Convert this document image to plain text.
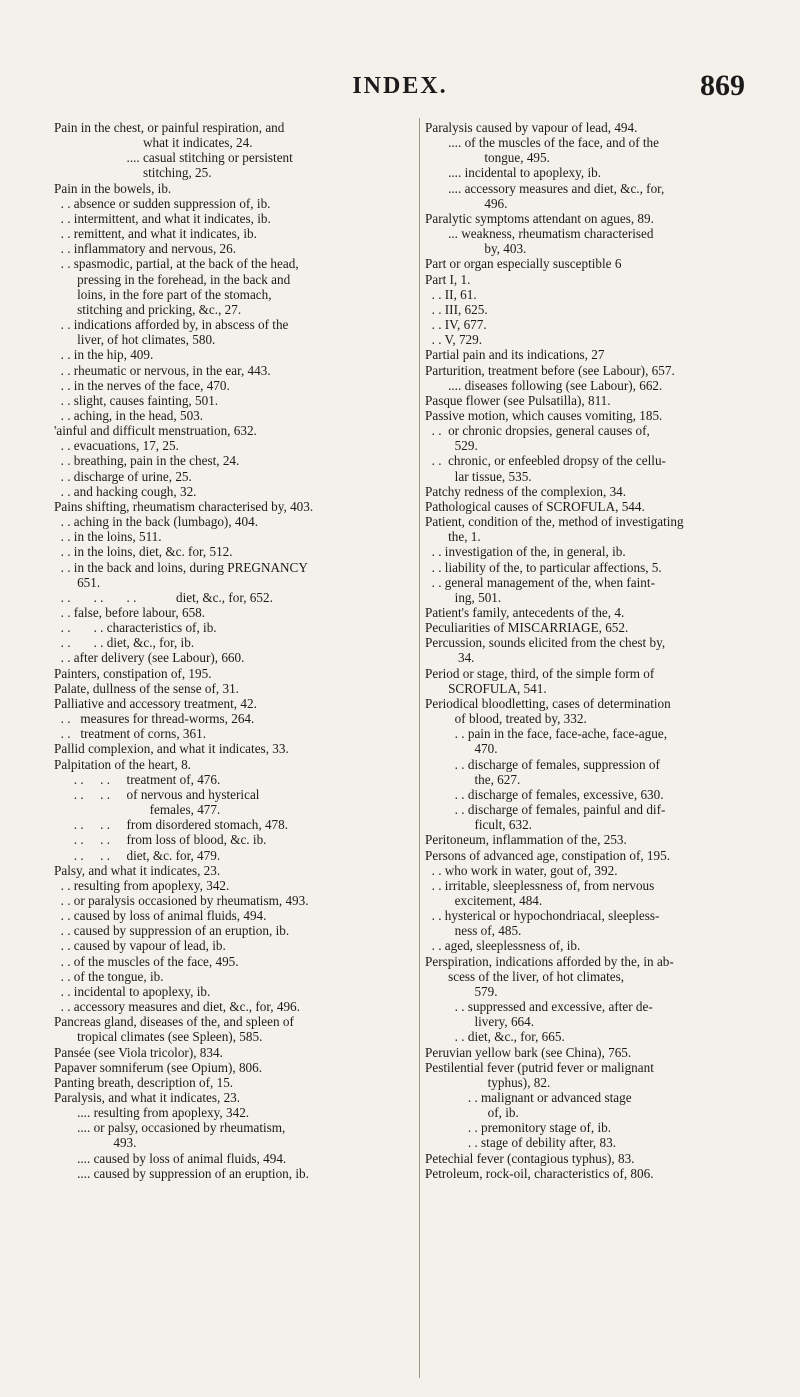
INDEX.	869
Pain in the chest, or painful respiration, and
what it indicates, 24.
.... casual stitching or persistent
stitching, 25.
Pain in the bowels, ib.
. . absence or sudden suppression of, ib.
. . intermittent, and what it indicates, ib.
. . remittent, and what it indicates, ib.
. . inflammatory and nervous, 26.
. . spasmodic, partial, at the back of the head,
pressing in the forehead, in the back and
loins, in the fore part of the stomach,
stitching and pricking, &c., 27.
. . indications afforded by, in abscess of the
liver, of hot climates, 580.
. . in the hip, 409.
. . rheumatic or nervous, in the ear, 443.
. . in the nerves of the face, 470.
. . slight, causes fainting, 501.
. . aching, in the head, 503.
'ainful and difficult menstruation, 632.
. . evacuations, 17, 25.
. . breathing, pain in the chest, 24.
. . discharge of urine, 25.
. . and hacking cough, 32.
Pains shifting, rheumatism characterised by, 403.
. . aching in the back (lumbago), 404.
. . in the loins, 511.
. . in the loins, diet, &c. for, 512.
. . in the back and loins, during PREGNANCY
651.
. .       . .       . .            diet, &c., for, 652.
. . false, before labour, 658.
. .       . . characteristics of, ib.
. .       . . diet, &c., for, ib.
. . after delivery (see Labour), 660.
Painters, constipation of, 195.
Palate, dullness of the sense of, 31.
Palliative and accessory treatment, 42.
. .   measures for thread-worms, 264.
. .   treatment of corns, 361.
Pallid complexion, and what it indicates, 33.
Palpitation of the heart, 8.
. .     . .     treatment of, 476.
. .     . .     of nervous and hysterical
females, 477.
. .     . .     from disordered stomach, 478.
. .     . .     from loss of blood, &c. ib.
. .     . .     diet, &c. for, 479.
Palsy, and what it indicates, 23.
. . resulting from apoplexy, 342.
. . or paralysis occasioned by rheumatism, 493.
. . caused by loss of animal fluids, 494.
. . caused by suppression of an eruption, ib.
. . caused by vapour of lead, ib.
. . of the muscles of the face, 495.
. . of the tongue, ib.
. . incidental to apoplexy, ib.
. . accessory measures and diet, &c., for, 496.
Pancreas gland, diseases of the, and spleen of
tropical climates (see Spleen), 585.
Pansée (see Viola tricolor), 834.
Papaver somniferum (see Opium), 806.
Panting breath, description of, 15.
Paralysis, and what it indicates, 23.
.... resulting from apoplexy, 342.
.... or palsy, occasioned by rheumatism,
493.
.... caused by loss of animal fluids, 494.
.... caused by suppression of an eruption, ib.
Paralysis caused by vapour of lead, 494.
.... of the muscles of the face, and of the
tongue, 495.
.... incidental to apoplexy, ib.
.... accessory measures and diet, &c., for,
496.
Paralytic symptoms attendant on agues, 89.
... weakness, rheumatism characterised
by, 403.
Part or organ especially susceptible 6
Part I, 1.
. . II, 61.
. . III, 625.
. . IV, 677.
. . V, 729.
Partial pain and its indications, 27
Parturition, treatment before (see Labour), 657.
.... diseases following (see Labour), 662.
Pasque flower (see Pulsatilla), 811.
Passive motion, which causes vomiting, 185.
. .  or chronic dropsies, general causes of,
529.
. .  chronic, or enfeebled dropsy of the cellu-
lar tissue, 535.
Patchy redness of the complexion, 34.
Pathological causes of SCROFULA, 544.
Patient, condition of the, method of investigating
the, 1.
. . investigation of the, in general, ib.
. . liability of the, to particular affections, 5.
. . general management of the, when faint-
ing, 501.
Patient's family, antecedents of the, 4.
Peculiarities of MISCARRIAGE, 652.
Percussion, sounds elicited from the chest by,
34.
Period or stage, third, of the simple form of
SCROFULA, 541.
Periodical bloodletting, cases of determination
of blood, treated by, 332.
. . pain in the face, face-ache, face-ague,
470.
. . discharge of females, suppression of
the, 627.
. . discharge of females, excessive, 630.
. . discharge of females, painful and dif-
ficult, 632.
Peritoneum, inflammation of the, 253.
Persons of advanced age, constipation of, 195.
. . who work in water, gout of, 392.
. . irritable, sleeplessness of, from nervous
excitement, 484.
. . hysterical or hypochondriacal, sleepless-
ness of, 485.
. . aged, sleeplessness of, ib.
Perspiration, indications afforded by the, in ab-
scess of the liver, of hot climates,
579.
. . suppressed and excessive, after de-
livery, 664.
. . diet, &c., for, 665.
Peruvian yellow bark (see China), 765.
Pestilential fever (putrid fever or malignant
typhus), 82.
. . malignant or advanced stage
of, ib.
. . premonitory stage of, ib.
. . stage of debility after, 83.
Petechial fever (contagious typhus), 83.
Petroleum, rock-oil, characteristics of, 806.
